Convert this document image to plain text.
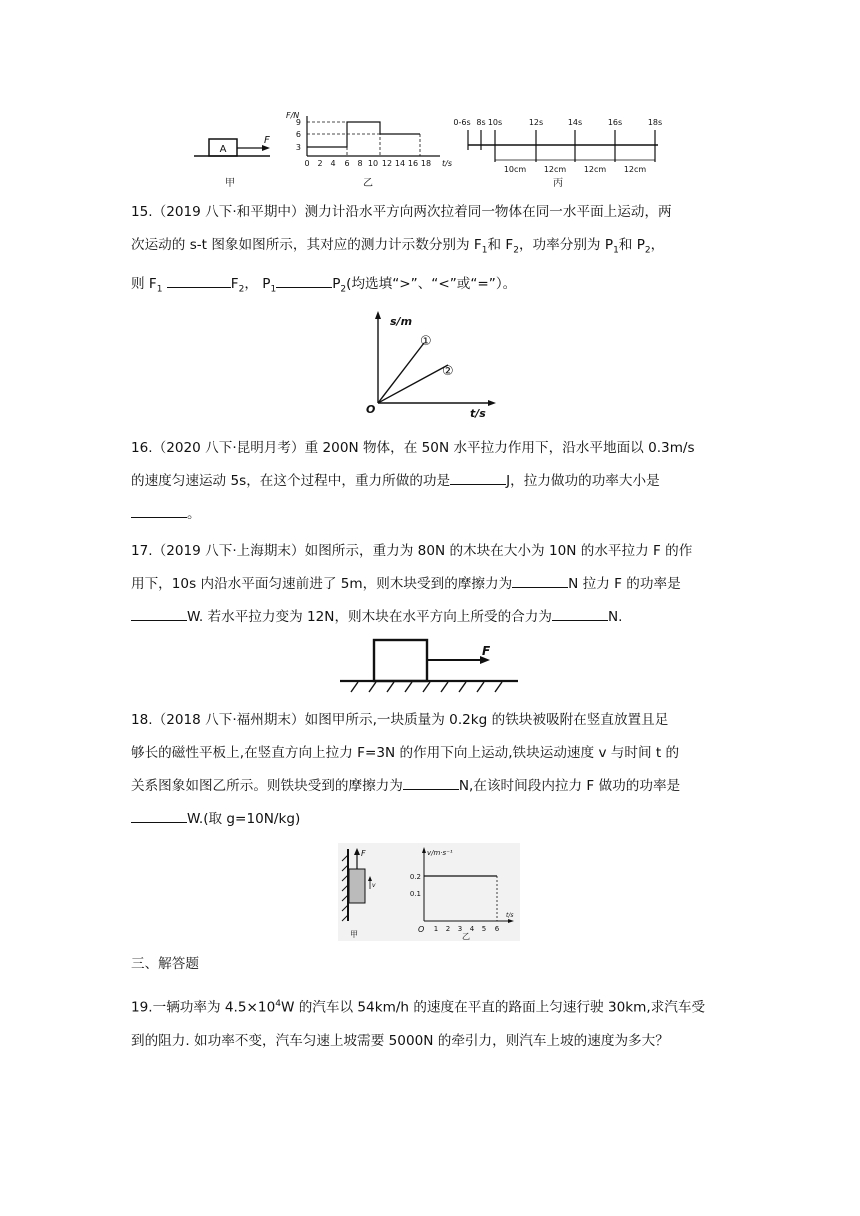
A
F
甲
F/N
9
6
3
0 2 4 6 8 10 12 14 16 18 t/s
乙
0-6s 8s 10s	12s	14s	16s	18s
10cm 12cm 12cm 12cm
丙

15.（2019 八下·和平期中）测力计沿水平方向两次拉着同一物体在同一水平面上运动，两

次运动的 s-t 图象如图所示，其对应的测力计示数分别为 $F_1$和 $F_2$，功率分别为 $P_1$和 $P_2$，

则 $F_1$	$F_2$， $P_1$	$P_2$(均选填“>”、“<”或“=”）。

s/m
t/s
O
①
②

16.（2020 八下·昆明月考）重 200N 物体，在 50N 水平拉力作用下，沿水平地面以 0.3m/s

的速度匀速运动 5s，在这个过程中，重力所做的功是	J，拉力做功的功率大小是

。

17.（2019 八下·上海期末）如图所示，重力为 80N 的木块在大小为 10N 的水平拉力 F 的作

用下，10s 内沿水平面匀速前进了 5m，则木块受到的摩擦力为	N 拉力 F 的功率是

W. 若水平拉力变为 12N，则木块在水平方向上所受的合力为	N.

F

18.（2018 八下·福州期末）如图甲所示,一块质量为 0.2kg 的铁块被吸附在竖直放置且足

够长的磁性平板上,在竖直方向上拉力 F=3N 的作用下向上运动,铁块运动速度 v 与时间 t 的

关系图象如图乙所示。则铁块受到的摩擦力为	N,在该时间段内拉力 F 做功的功率是

W.(取 g=10N/kg)

F
v
甲
v/m·s⁻¹
0.2
0.1
O 1 2 3 4 5 6
t/s
乙
三、解答题

19.一辆功率为 $4.5\times 10^4W$ 的汽车以 54km/h 的速度在平直的路面上匀速行驶 30km,求汽车受

到的阻力. 如功率不变，汽车匀速上坡需要 5000N 的牵引力，则汽车上坡的速度为多大？
